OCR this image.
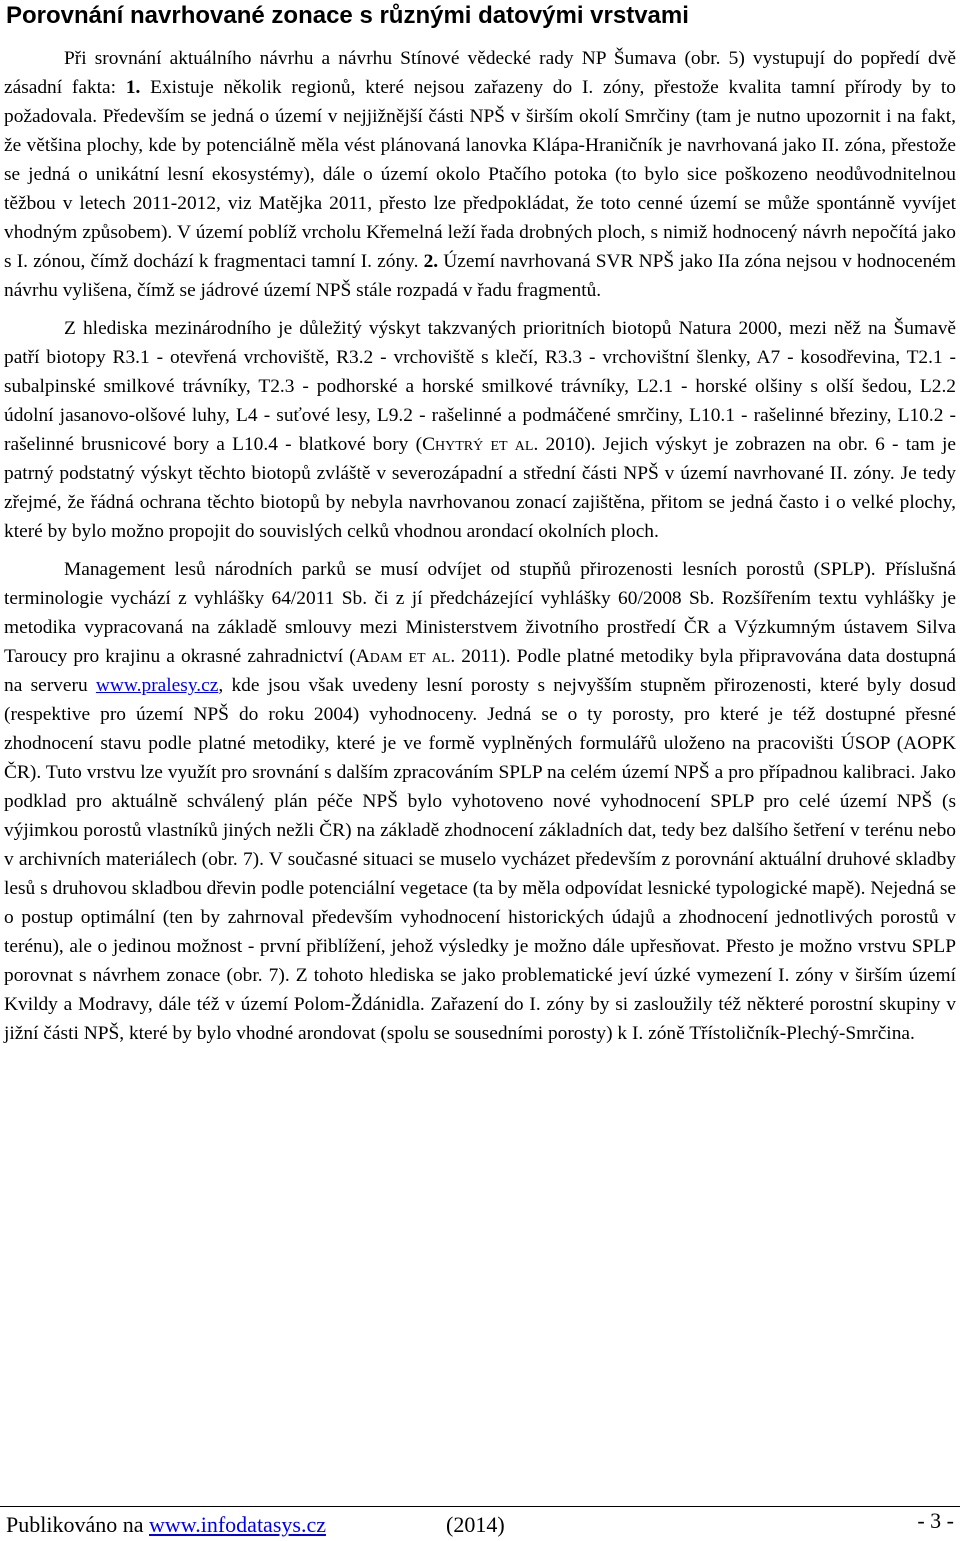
Porovnání navrhované zonace s různými datovými vrstvami

Při srovnání aktuálního návrhu a návrhu Stínové vědecké rady NP Šumava (obr. 5) vystupují do popředí dvě zásadní fakta: 1. Existuje několik regionů, které nejsou zařazeny do I. zóny, přestože kvalita tamní přírody by to požadovala. Především se jedná o území v nejjižnější části NPŠ v širším okolí Smrčiny (tam je nutno upozornit i na fakt, že většina plochy, kde by potenciálně měla vést plánovaná lanovka Klápa-Hraničník je navrhovaná jako II. zóna, přestože se jedná o unikátní lesní ekosystémy), dále o území okolo Ptačího potoka (to bylo sice poškozeno neodůvodnitelnou těžbou v letech 2011-2012, viz Matějka 2011, přesto lze předpokládat, že toto cenné území se může spontánně vyvíjet vhodným způsobem). V území poblíž vrcholu Křemelná leží řada drobných ploch, s nimiž hodnocený návrh nepočítá jako s I. zónou, čímž dochází k fragmentaci tamní I. zóny. 2. Území navrhovaná SVR NPŠ jako IIa zóna nejsou v hodnoceném návrhu vylišena, čímž se jádrové území NPŠ stále rozpadá v řadu fragmentů.

Z hlediska mezinárodního je důležitý výskyt takzvaných prioritních biotopů Natura 2000, mezi něž na Šumavě patří biotopy R3.1 - otevřená vrchoviště, R3.2 - vrchoviště s klečí, R3.3 - vrchovištní šlenky, A7 - kosodřevina, T2.1 - subalpinské smilkové trávníky, T2.3 - podhorské a horské smilkové trávníky, L2.1 - horské olšiny s olší šedou, L2.2 údolní jasanovo-olšové luhy, L4 - suťové lesy, L9.2 - rašelinné a podmáčené smrčiny, L10.1 - rašelinné březiny, L10.2 - rašelinné brusnicové bory a L10.4 - blatkové bory (Chytrý et al. 2010). Jejich výskyt je zobrazen na obr. 6 - tam je patrný podstatný výskyt těchto biotopů zvláště v severozápadní a střední části NPŠ v území navrhované II. zóny. Je tedy zřejmé, že řádná ochrana těchto biotopů by nebyla navrhovanou zonací zajištěna, přitom se jedná často i o velké plochy, které by bylo možno propojit do souvislých celků vhodnou arondací okolních ploch.

Management lesů národních parků se musí odvíjet od stupňů přirozenosti lesních porostů (SPLP). Příslušná terminologie vychází z vyhlášky 64/2011 Sb. či z jí předcházející vyhlášky 60/2008 Sb. Rozšířením textu vyhlášky je metodika vypracovaná na základě smlouvy mezi Ministerstvem životního prostředí ČR a Výzkumným ústavem Silva Taroucy pro krajinu a okrasné zahradnictví (Adam et al. 2011). Podle platné metodiky byla připravována data dostupná na serveru www.pralesy.cz, kde jsou však uvedeny lesní porosty s nejvyšším stupněm přirozenosti, které byly dosud (respektive pro území NPŠ do roku 2004) vyhodnoceny. Jedná se o ty porosty, pro které je též dostupné přesné zhodnocení stavu podle platné metodiky, které je ve formě vyplněných formulářů uloženo na pracovišti ÚSOP (AOPK ČR). Tuto vrstvu lze využít pro srovnání s dalším zpracováním SPLP na celém území NPŠ a pro případnou kalibraci. Jako podklad pro aktuálně schválený plán péče NPŠ bylo vyhotoveno nové vyhodnocení SPLP pro celé území NPŠ (s výjimkou porostů vlastníků jiných nežli ČR) na základě zhodnocení základních dat, tedy bez dalšího šetření v terénu nebo v archivních materiálech (obr. 7). V současné situaci se muselo vycházet především z porovnání aktuální druhové skladby lesů s druhovou skladbou dřevin podle potenciální vegetace (ta by měla odpovídat lesnické typologické mapě). Nejedná se o postup optimální (ten by zahrnoval především vyhodnocení historických údajů a zhodnocení jednotlivých porostů v terénu), ale o jedinou možnost - první přiblížení, jehož výsledky je možno dále upřesňovat. Přesto je možno vrstvu SPLP porovnat s návrhem zonace (obr. 7). Z tohoto hlediska se jako problematické jeví úzké vymezení I. zóny v širším území Kvildy a Modravy, dále též v území Polom-Ždánidla. Zařazení do I. zóny by si zasloužily též některé porostní skupiny v jižní části NPŠ, které by bylo vhodné arondovat (spolu se sousedními porosty) k I. zóně Třístoličník-Plechý-Smrčina.

Publikováno na www.infodatasys.cz	(2014)	- 3 -
